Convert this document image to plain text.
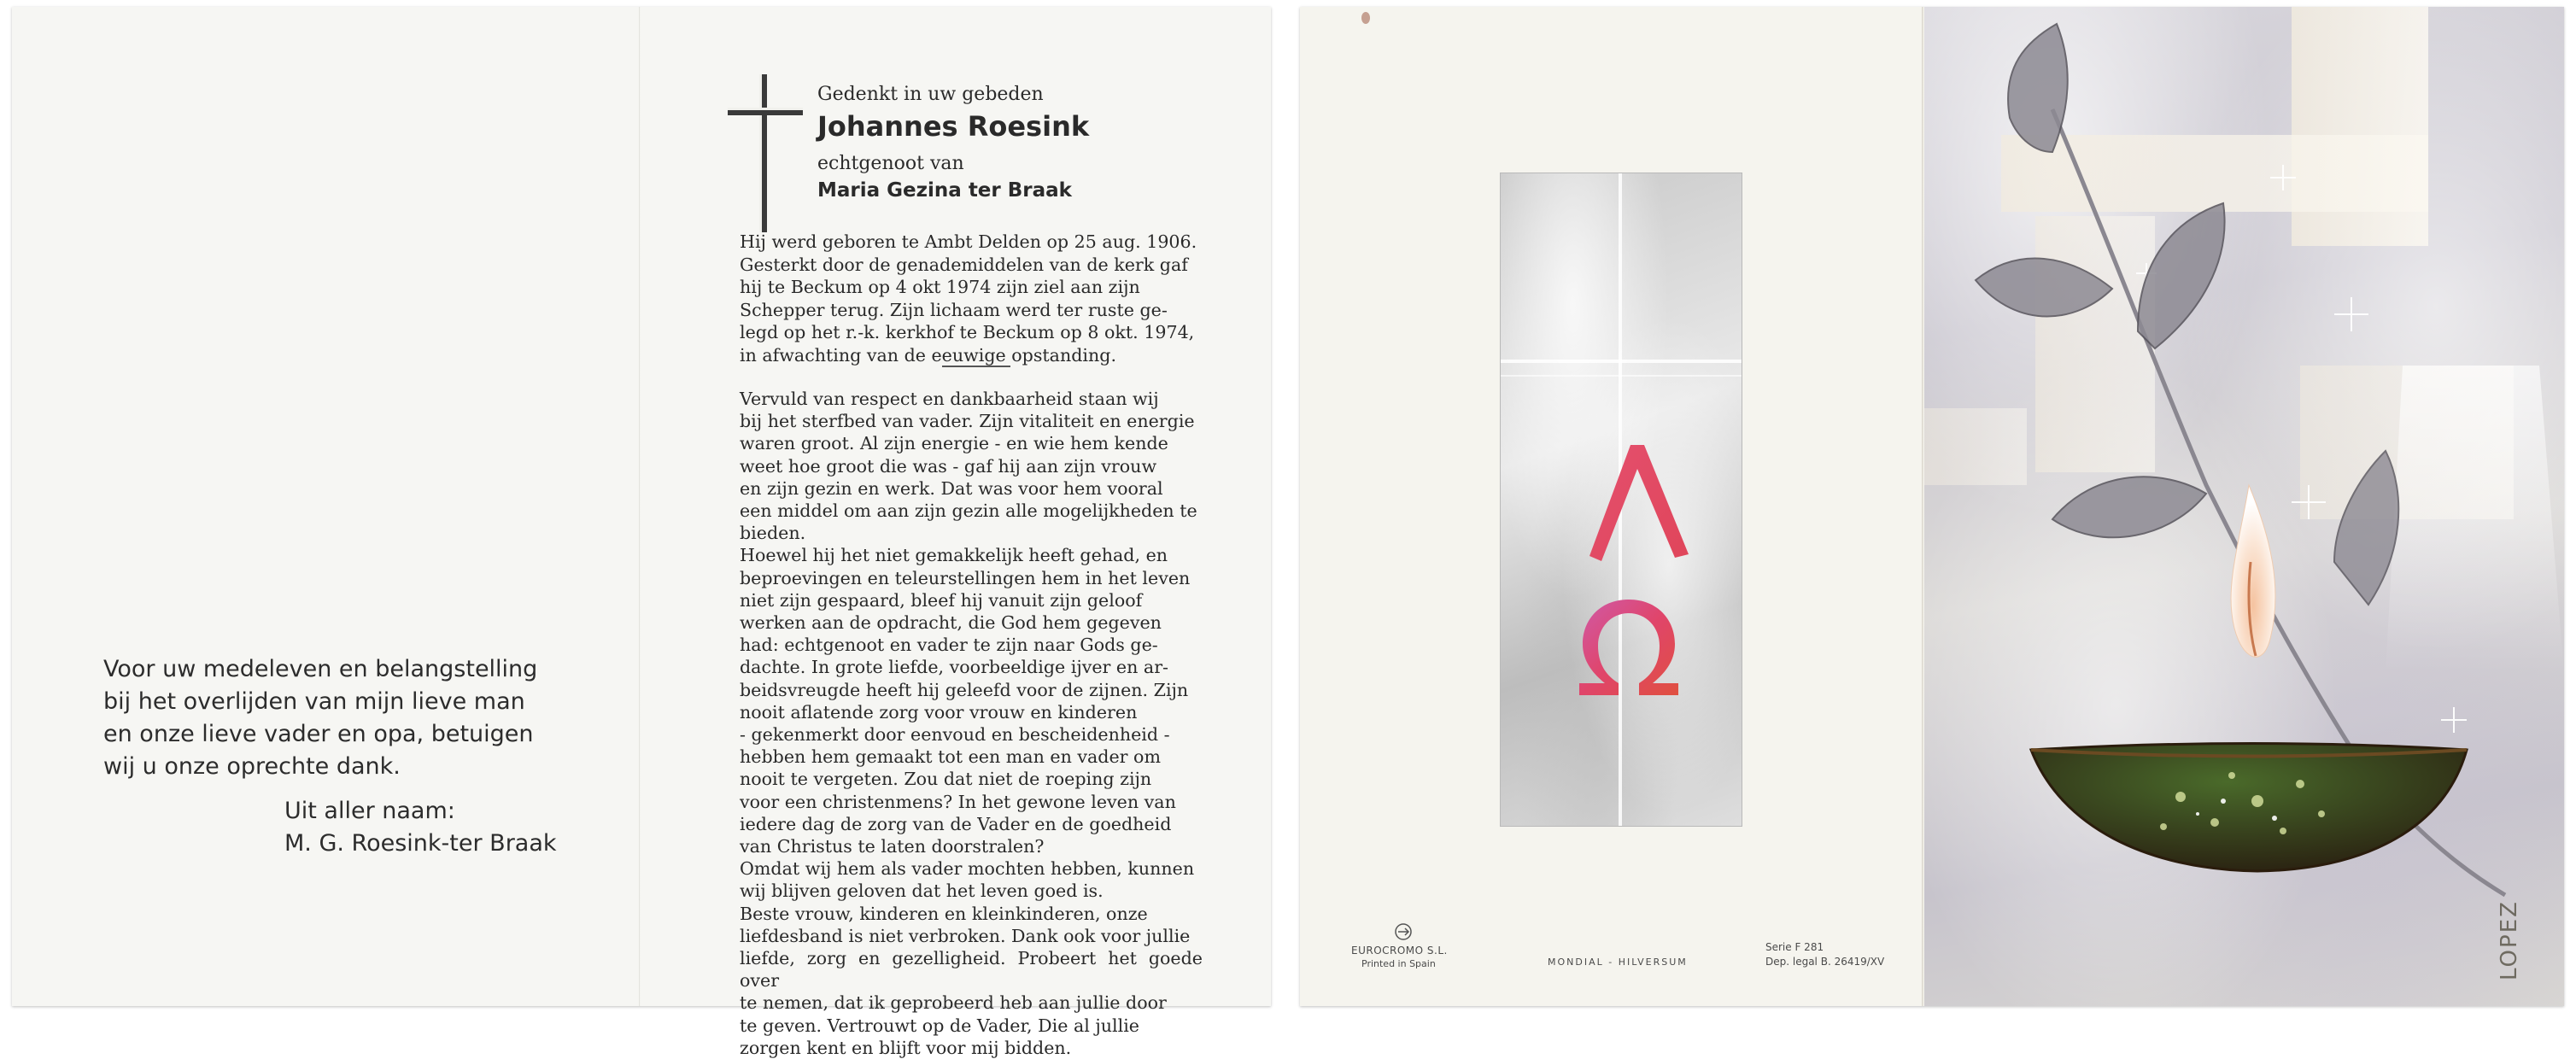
Voor uw medeleven en belangstelling

bij het overlijden van mijn lieve man

en onze lieve vader en opa, betuigen

wij u onze oprechte dank.

Uit aller naam:
M. G. Roesink-ter Braak
Gedenkt in uw gebeden
Johannes Roesink
echtgenoot van
Maria Gezina ter Braak

Hij werd geboren te Ambt Delden op 25 aug. 1906.

Gesterkt door de genademiddelen van de kerk gaf

hij te Beckum op 4 okt 1974 zijn ziel aan zijn

Schepper terug. Zijn lichaam werd ter ruste ge-

legd op het r.-k. kerkhof te Beckum op 8 okt. 1974,

in afwachting van de eeuwige opstanding.

Vervuld van respect en dankbaarheid staan wij

bij het sterfbed van vader. Zijn vitaliteit en energie

waren groot. Al zijn energie - en wie hem kende

weet hoe groot die was - gaf hij aan zijn vrouw

en zijn gezin en werk. Dat was voor hem vooral

een middel om aan zijn gezin alle mogelijkheden te

bieden.

Hoewel hij het niet gemakkelijk heeft gehad, en

beproevingen en teleurstellingen hem in het leven

niet zijn gespaard, bleef hij vanuit zijn geloof

werken aan de opdracht, die God hem gegeven

had: echtgenoot en vader te zijn naar Gods ge-

dachte. In grote liefde, voorbeeldige ijver en ar-

beidsvreugde heeft hij geleefd voor de zijnen. Zijn

nooit aflatende zorg voor vrouw en kinderen

- gekenmerkt door eenvoud en bescheidenheid -

hebben hem gemaakt tot een man en vader om

nooit te vergeten. Zou dat niet de roeping zijn

voor een christenmens? In het gewone leven van

iedere dag de zorg van de Vader en de goedheid

van Christus te laten doorstralen?

Omdat wij hem als vader mochten hebben, kunnen

wij blijven geloven dat het leven goed is.

Beste vrouw, kinderen en kleinkinderen, onze

liefdesband is niet verbroken. Dank ook voor jullie

liefde, zorg en gezelligheid. Probeert het goede over

te nemen, dat ik geprobeerd heb aan jullie door

te geven. Vertrouwt op de Vader, Die al jullie

zorgen kent en blijft voor mij bidden.

EUROCROMO S.L.
Printed in Spain	MONDIAL - HILVERSUM
Serie F 281
Dep. legal B. 26419/XV	LOPEZ
